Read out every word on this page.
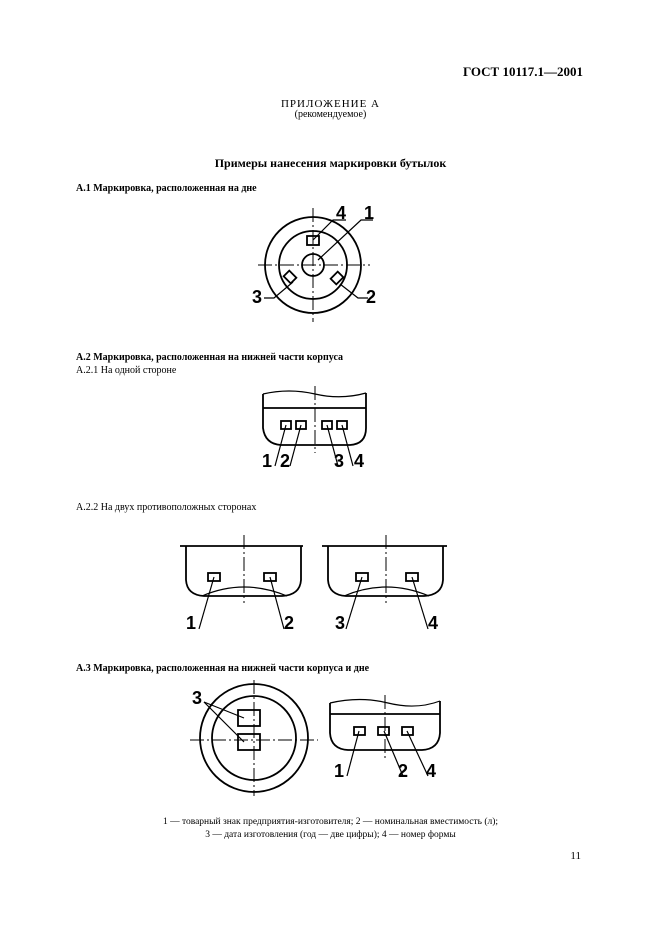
ГОСТ 10117.1—2001
ПРИЛОЖЕНИЕ А
(рекомендуемое)
Примеры нанесения маркировки бутылок
А.1 Маркировка, расположенная на дне
А.2 Маркировка, расположенная на нижней части корпуса
А.2.1 На одной стороне
А.2.2 На двух противоположных сторонах
А.3 Маркировка, расположенная на нижней части корпуса и дне
4 1
3	2
1 2 3 4
1	2 3	4
3
1	2 4
1 — товарный знак предприятия-изготовителя; 2 — номинальная вместимость (л);
3 — дата изготовления (год — две цифры); 4 — номер формы
11
